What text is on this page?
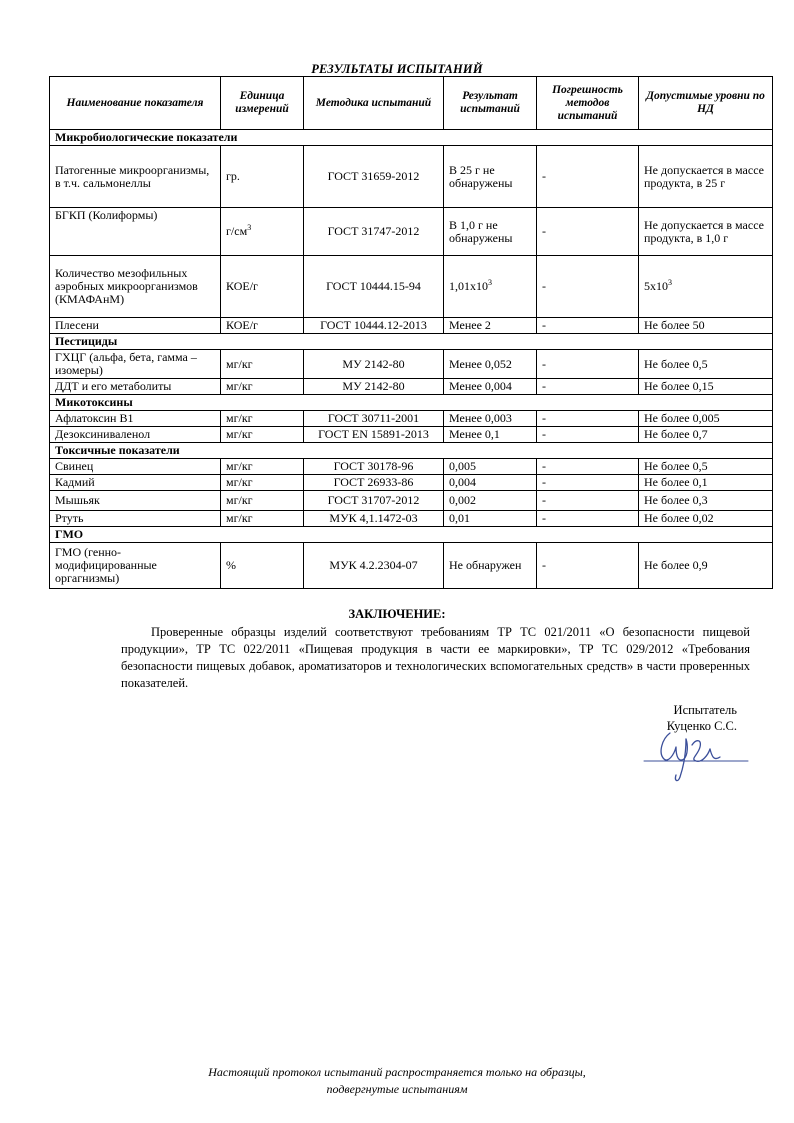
РЕЗУЛЬТАТЫ ИСПЫТАНИЙ
Наименование показателя	Единица измерений	Методика испытаний	Результат испытаний	Погрешность методов испытаний	Допустимые уровни по НД
Микробиологические показатели					
Патогенные микроорганизмы, в т.ч. сальмонеллы	гр.	ГОСТ 31659-2012	В 25 г не обнаружены	-	Не допускается в массе продукта, в 25 г
БГКП (Колиформы)	$г/см^3$	ГОСТ 31747-2012	В 1,0 г не обнаружены	-	Не допускается в массе продукта, в 1,0 г
Количество мезофильных аэробных микроорганизмов (КМАФАнМ)	КОЕ/г	ГОСТ 10444.15-94	$1,01x10^3$	-	$5x10^3$
Плесени	КОЕ/г	ГОСТ 10444.12-2013	Менее 2	-	Не более 50
Пестициды					
ГХЦГ (альфа, бета, гамма –изомеры)	мг/кг	МУ 2142-80	Менее 0,052	-	Не более 0,5
ДДТ и его метаболиты	мг/кг	МУ 2142-80	Менее 0,004	-	Не более 0,15
Микотоксины					
Афлатоксин В1	мг/кг	ГОСТ 30711-2001	Менее 0,003	-	Не более 0,005
Дезоксиниваленол	мг/кг	ГОСТ EN 15891-2013	Менее 0,1	-	Не более 0,7
Токсичные показатели					
Свинец	мг/кг	ГОСТ 30178-96	0,005	-	Не более 0,5
Кадмий	мг/кг	ГОСТ 26933-86	0,004	-	Не более 0,1
Мышьяк	мг/кг	ГОСТ 31707-2012	0,002	-	Не более 0,3
Ртуть	мг/кг	МУК 4,1.1472-03	0,01	-	Не более 0,02
ГМО					
ГМО (генно-модифицированные оргагнизмы)	%	МУК 4.2.2304-07	Не обнаружен	-	Не более 0,9
ЗАКЛЮЧЕНИЕ:
Проверенные образцы изделий соответствуют требованиям ТР ТС 021/2011 «О безопасности пищевой продукции», ТР ТС 022/2011 «Пищевая продукция в части ее маркировки», ТР ТС 029/2012 «Требования безопасности пищевых добавок, ароматизаторов и технологических вспомогательных средств» в части проверенных показателей.
Испытатель
Куценко С.С.
Настоящий протокол испытаний распространяется только на образцы,
подвергнутые испытаниям
